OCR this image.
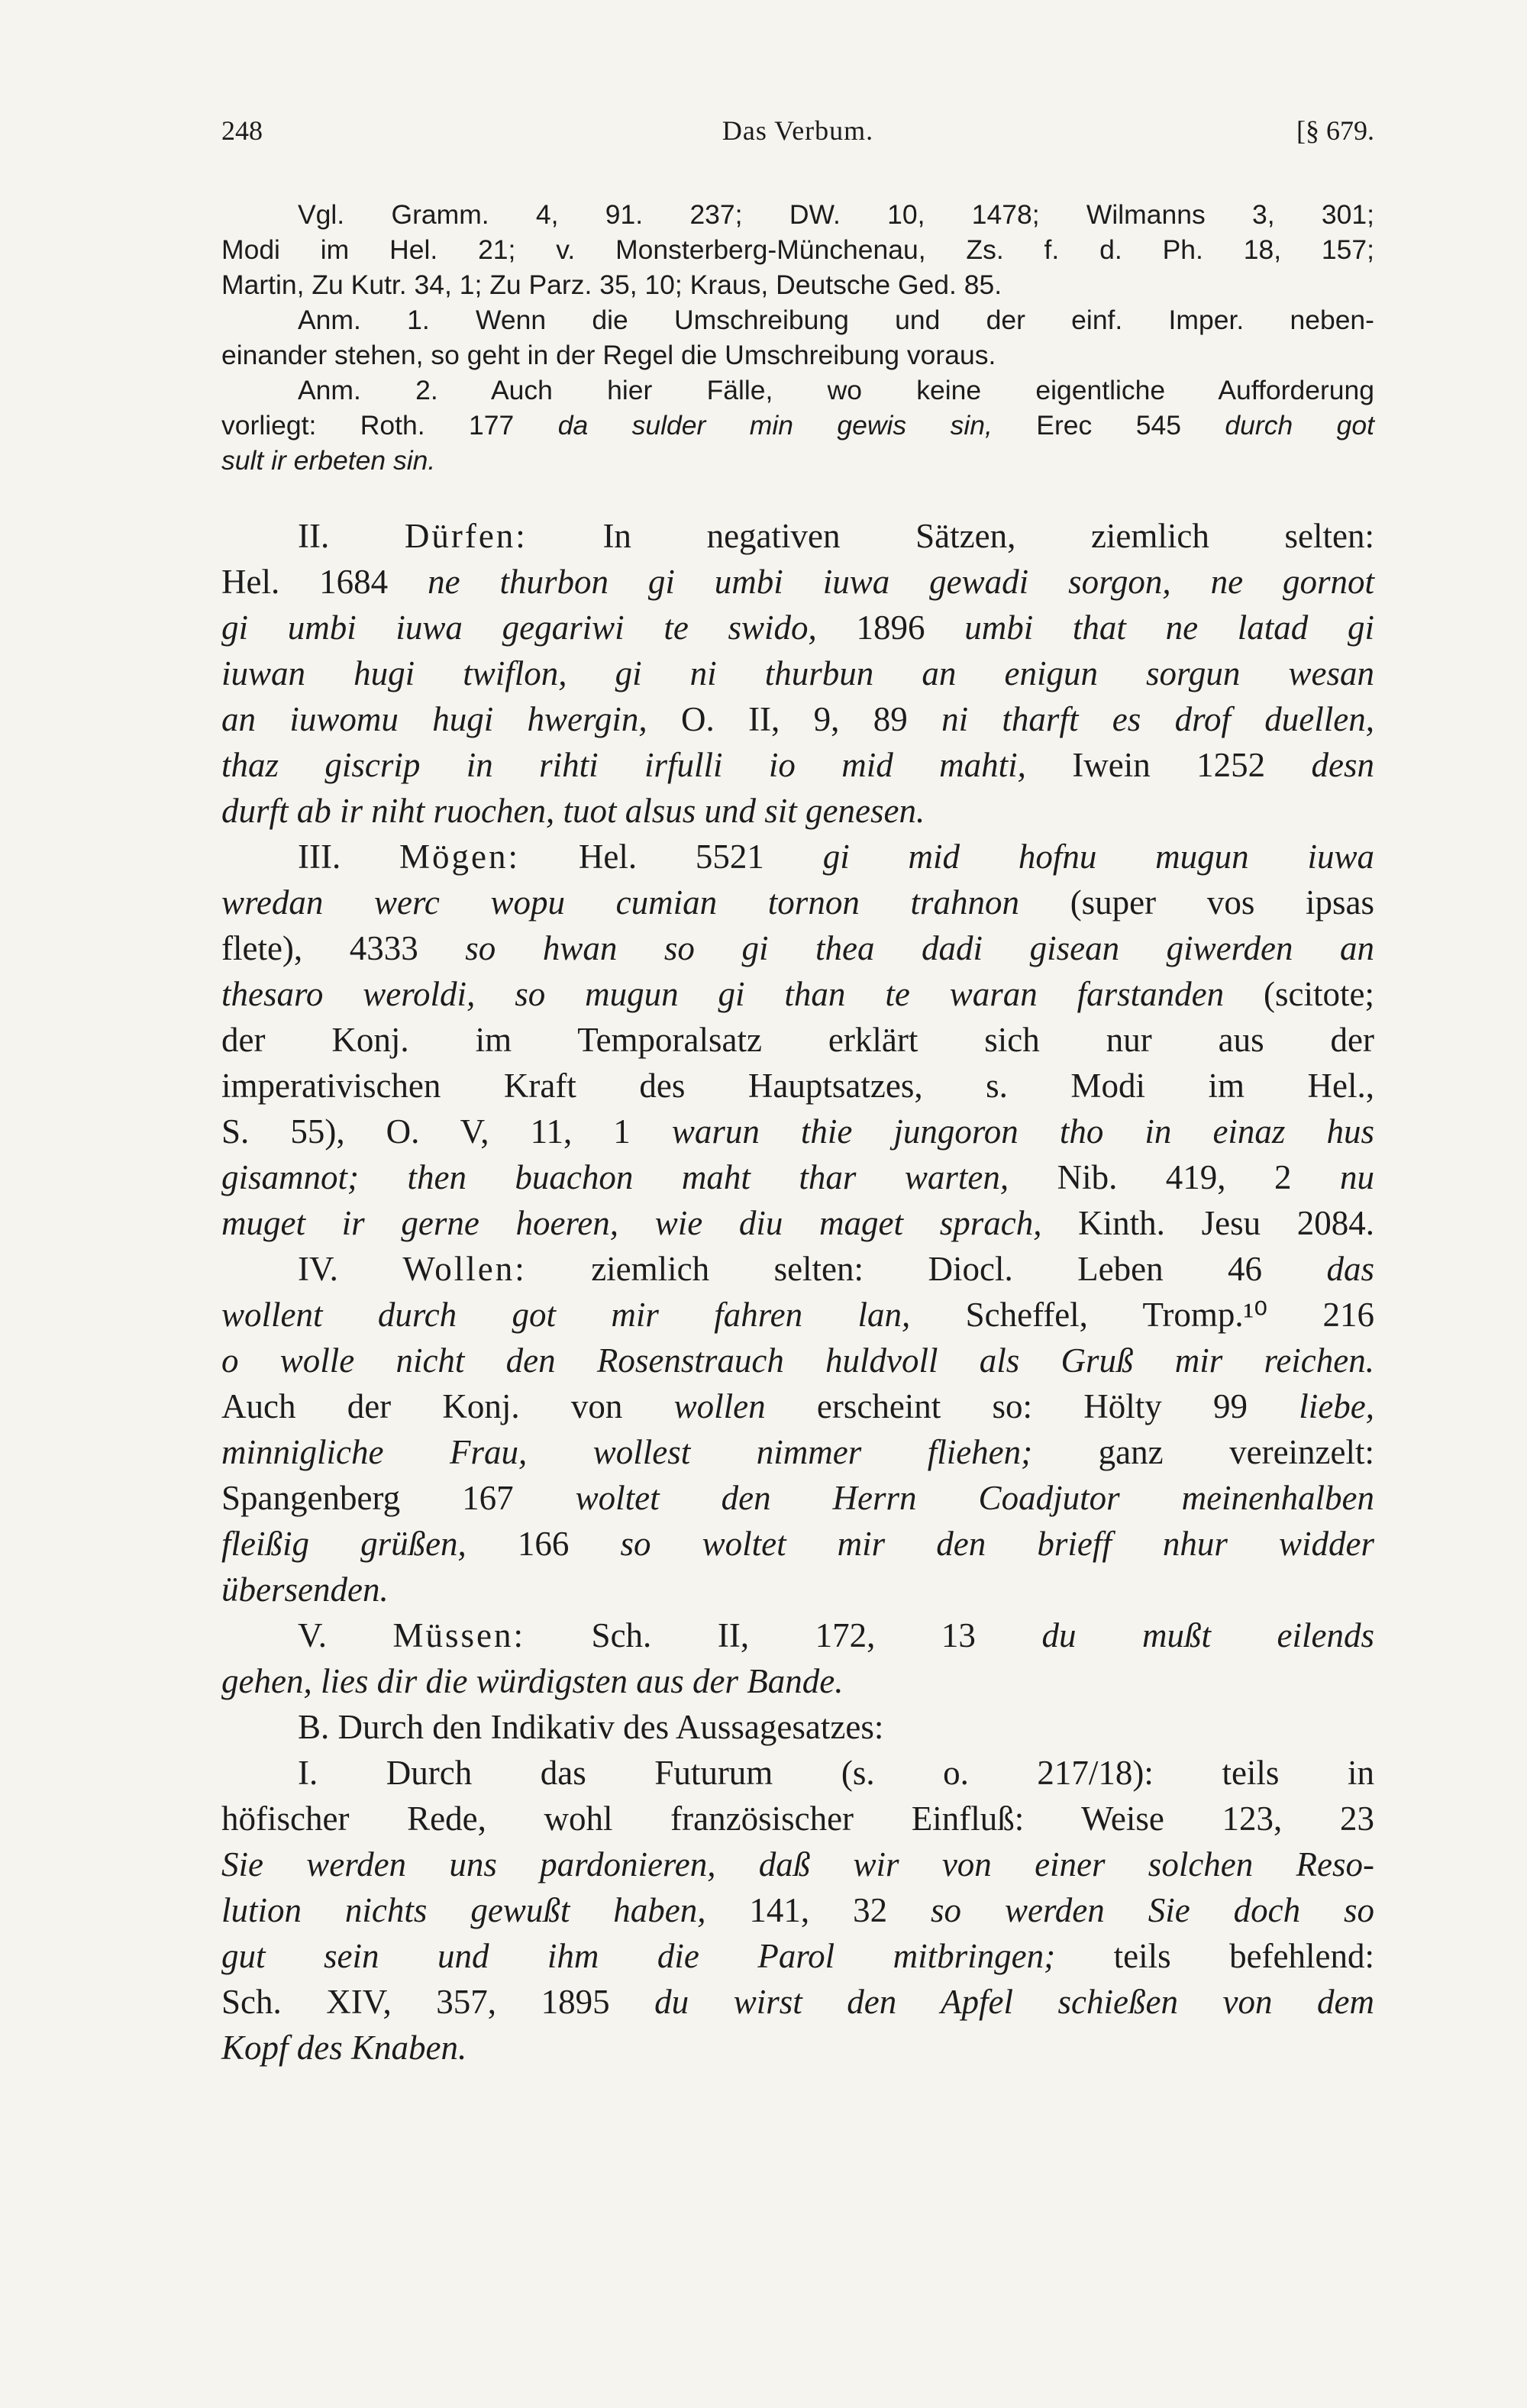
248	Das Verbum.	[§ 679.

Vgl. Gramm. 4, 91. 237; DW. 10, 1478; Wilmanns 3, 301;

Modi im Hel. 21; v. Monsterberg-Münchenau, Zs. f. d. Ph. 18, 157;

Martin, Zu Kutr. 34, 1; Zu Parz. 35, 10; Kraus, Deutsche Ged. 85.

Anm. 1. Wenn die Umschreibung und der einf. Imper. neben-

einander stehen, so geht in der Regel die Umschreibung voraus.

Anm. 2. Auch hier Fälle, wo keine eigentliche Aufforderung

vorliegt: Roth. 177 da sulder min gewis sin, Erec 545 durch got

sult ir erbeten sin.

II. Dürfen: In negativen Sätzen, ziemlich selten:

Hel. 1684 ne thurbon gi umbi iuwa gewadi sorgon, ne gornot

gi umbi iuwa gegariwi te swido, 1896 umbi that ne latad gi

iuwan hugi twiflon, gi ni thurbun an enigun sorgun wesan

an iuwomu hugi hwergin, O. II, 9, 89 ni tharft es drof duellen,

thaz giscrip in rihti irfulli io mid mahti, Iwein 1252 desn

durft ab ir niht ruochen, tuot alsus und sit genesen.

III. Mögen: Hel. 5521 gi mid hofnu mugun iuwa

wredan werc wopu cumian tornon trahnon (super vos ipsas

flete), 4333 so hwan so gi thea dadi gisean giwerden an

thesaro weroldi, so mugun gi than te waran farstanden (scitote;

der Konj. im Temporalsatz erklärt sich nur aus der

imperativischen Kraft des Hauptsatzes, s. Modi im Hel.,

S. 55), O. V, 11, 1 warun thie jungoron tho in einaz hus

gisamnot; then buachon maht thar warten, Nib. 419, 2 nu

muget ir gerne hoeren, wie diu maget sprach, Kinth. Jesu 2084.

IV. Wollen: ziemlich selten: Diocl. Leben 46 das

wollent durch got mir fahren lan, Scheffel, Tromp.¹⁰ 216

o wolle nicht den Rosenstrauch huldvoll als Gruß mir reichen.

Auch der Konj. von wollen erscheint so: Hölty 99 liebe,

minnigliche Frau, wollest nimmer fliehen; ganz vereinzelt:

Spangenberg 167 woltet den Herrn Coadjutor meinenhalben

fleißig grüßen, 166 so woltet mir den brieff nhur widder

übersenden.

V. Müssen: Sch. II, 172, 13 du mußt eilends

gehen, lies dir die würdigsten aus der Bande.

B. Durch den Indikativ des Aussagesatzes:

I. Durch das Futurum (s. o. 217/18): teils in

höfischer Rede, wohl französischer Einfluß: Weise 123, 23

Sie werden uns pardonieren, daß wir von einer solchen Reso-

lution nichts gewußt haben, 141, 32 so werden Sie doch so

gut sein und ihm die Parol mitbringen; teils befehlend:

Sch. XIV, 357, 1895 du wirst den Apfel schießen von dem

Kopf des Knaben.
